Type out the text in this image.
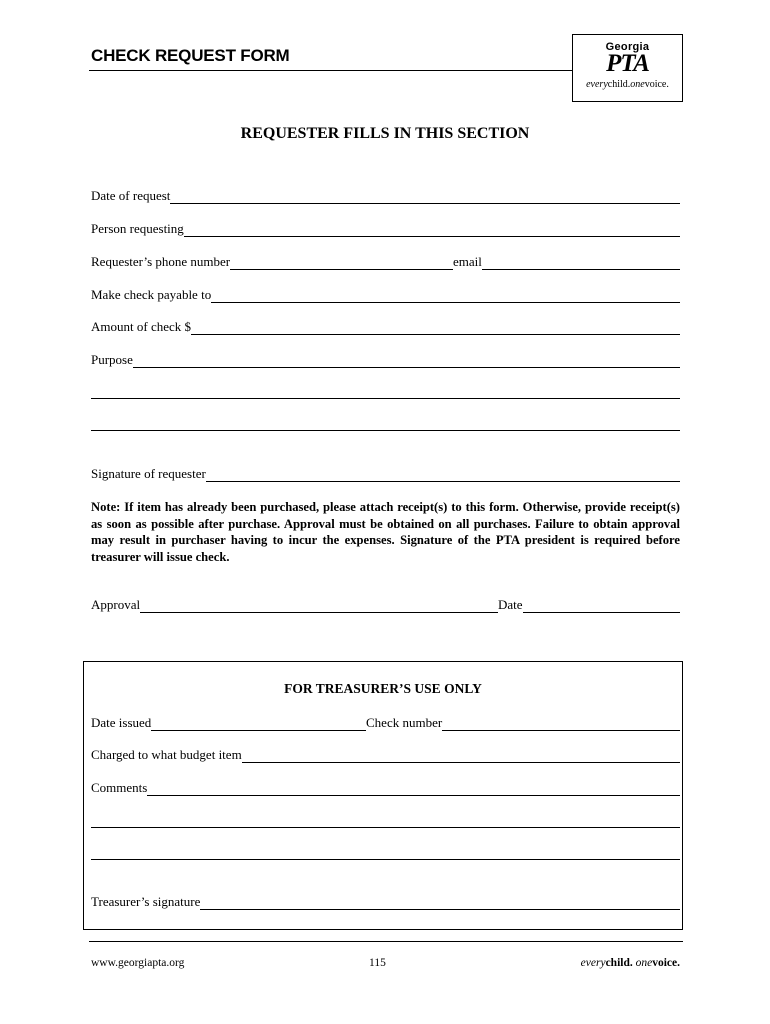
CHECK REQUEST FORM	Georgia
PTA
everychild.onevoice.
REQUESTER FILLS IN THIS SECTION
Date of request
Person requesting
Requester’s phone number	email
Make check payable to
Amount of check $
Purpose
Signature of requester
Note: If item has already been purchased, please attach receipt(s) to this form. Otherwise, provide receipt(s) as soon as possible after purchase. Approval must be obtained on all purchases. Failure to obtain approval may result in purchaser having to incur the expenses. Signature of the PTA president is required before treasurer will issue check.
Approval	Date
FOR TREASURER’S USE ONLY
Date issued	Check number
Charged to what budget item
Comments
Treasurer’s signature
www.georgiapta.org	115	everychild. onevoice.
